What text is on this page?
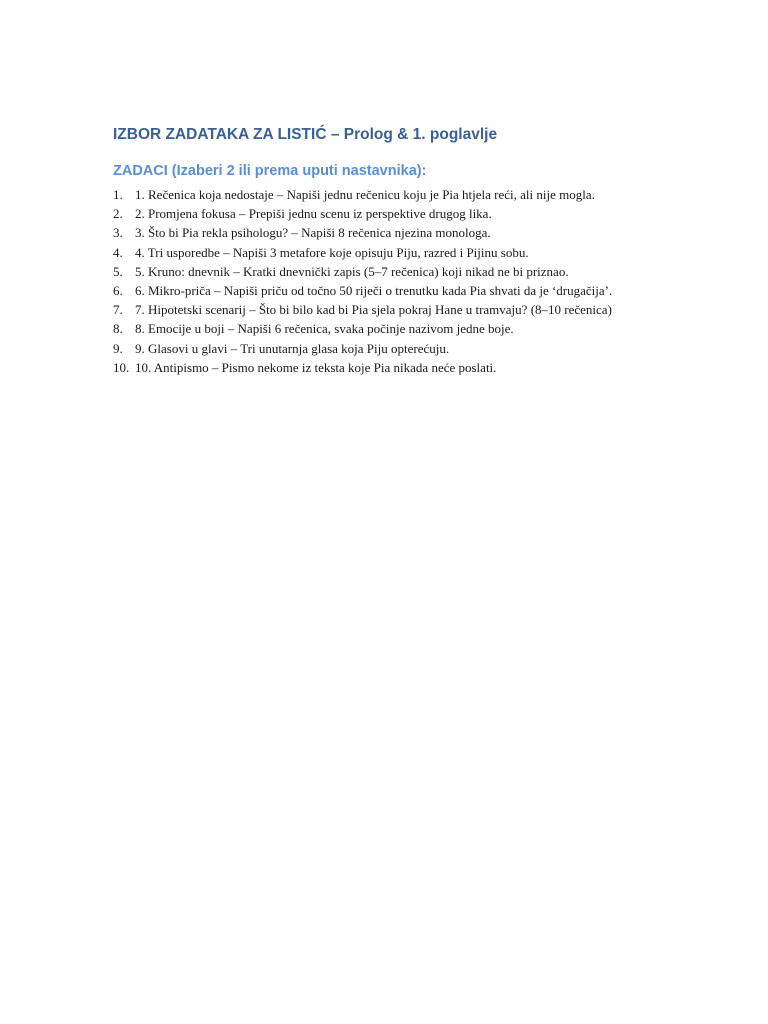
IZBOR ZADATAKA ZA LISTIĆ – Prolog & 1. poglavlje
ZADACI (Izaberi 2 ili prema uputi nastavnika):
1. 1. Rečenica koja nedostaje – Napiši jednu rečenicu koju je Pia htjela reći, ali nije mogla.
2. 2. Promjena fokusa – Prepiši jednu scenu iz perspektive drugog lika.
3. 3. Što bi Pia rekla psihologu? – Napiši 8 rečenica njezina monologa.
4. 4. Tri usporedbe – Napiši 3 metafore koje opisuju Piju, razred i Pijinu sobu.
5. 5. Kruno: dnevnik – Kratki dnevnički zapis (5–7 rečenica) koji nikad ne bi priznao.
6. 6. Mikro-priča – Napiši priču od točno 50 riječi o trenutku kada Pia shvati da je ‘drugačija’.
7. 7. Hipotetski scenarij – Što bi bilo kad bi Pia sjela pokraj Hane u tramvaju? (8–10 rečenica)
8. 8. Emocije u boji – Napiši 6 rečenica, svaka počinje nazivom jedne boje.
9. 9. Glasovi u glavi – Tri unutarnja glasa koja Piju opterećuju.
10. 10. Antipismo – Pismo nekome iz teksta koje Pia nikada neće poslati.
